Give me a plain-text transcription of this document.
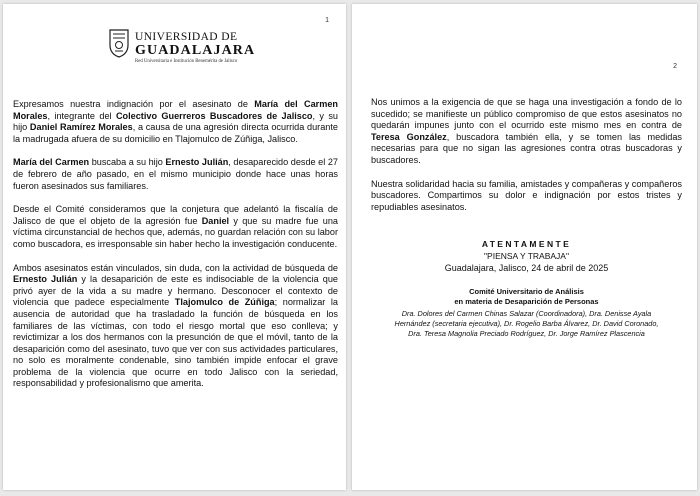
1
UNIVERSIDAD DE
GUADALAJARA
Red Universitaria e Institución Benemérita de Jalisco

Expresamos nuestra indignación por el asesinato de María del Carmen Morales, integrante del Colectivo Guerreros Buscadores de Jalisco, y su hijo Daniel Ramírez Morales, a causa de una agresión directa ocurrida durante la madrugada afuera de su domicilio en Tlajomulco de Zúñiga, Jalisco.

María del Carmen buscaba a su hijo Ernesto Julián, desaparecido desde el 27 de febrero de año pasado, en el mismo municipio donde hace unas horas fueron asesinados sus familiares.

Desde el Comité consideramos que la conjetura que adelantó la fiscalía de Jalisco de que el objeto de la agresión fue Daniel y que su madre fue una víctima circunstancial de hechos que, además, no guardan relación con su labor como buscadora, es irresponsable sin haber hecho la investigación conducente.

Ambos asesinatos están vinculados, sin duda, con la actividad de búsqueda de Ernesto Julián y la desaparición de este es indisociable de la violencia que privó ayer de la vida a su madre y hermano. Desconocer el contexto de violencia que padece especialmente Tlajomulco de Zúñiga; normalizar la ausencia de autoridad que ha trasladado la función de búsqueda en los familiares de las víctimas, con todo el riesgo mortal que eso conlleva; y revictimizar a los dos hermanos con la presunción de que el móvil, tanto de la desaparición como del asesinato, tuvo que ver con sus actividades particulares, no solo es moralmente condenable, sino también impide enfocar el grave problema de la violencia que ocurre en todo Jalisco con la seriedad, responsabilidad y profesionalismo que amerita.

2

Nos unimos a la exigencia de que se haga una investigación a fondo de lo sucedido; se manifieste un público compromiso de que estos asesinatos no quedarán impunes junto con el ocurrido este mismo mes en contra de Teresa González, buscadora también ella, y se tomen las medidas necesarias para que no sigan las agresiones contra otras buscadoras y buscadores.

Nuestra solidaridad hacia su familia, amistades y compañeras y compañeros buscadores. Compartimos su dolor e indignación por estos tristes y repudiables asesinatos.

ATENTAMENTE
"PIENSA Y TRABAJA"
Guadalajara, Jalisco, 24 de abril de 2025
Comité Universitario de Análisis
en materia de Desaparición de Personas
Dra. Dolores del Carmen Chinas Salazar (Coordinadora), Dra. Denisse Ayala
Hernández (secretaria ejecutiva), Dr. Rogelio Barba Álvarez, Dr. David Coronado,
Dra. Teresa Magnolia Preciado Rodríguez, Dr. Jorge Ramírez Plascencia
